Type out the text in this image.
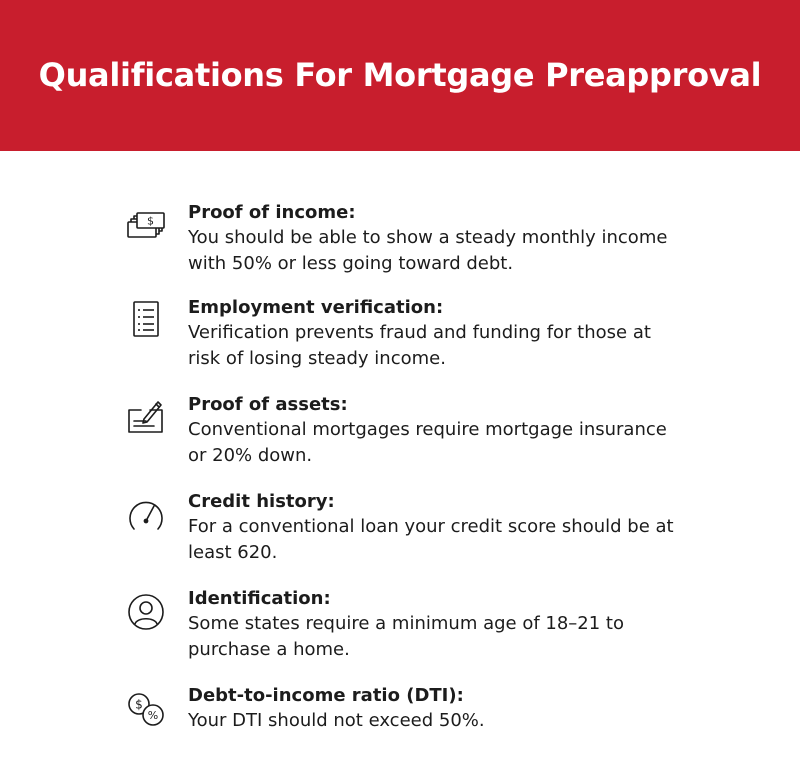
Qualifications For Mortgage Preapproval
$ Proof of income:
You should be able to show a steady monthly income with 50% or less going toward debt.
Employment verification:
Verification prevents fraud and funding for those at risk of losing steady income.
Proof of assets:
Conventional mortgages require mortgage insurance or 20% down.
Credit history:
For a conventional loan your credit score should be at least 620.
Identification:
Some states require a minimum age of 18–21 to purchase a home.
$
%
Debt-to-income ratio (DTI):
Your DTI should not exceed 50%.
